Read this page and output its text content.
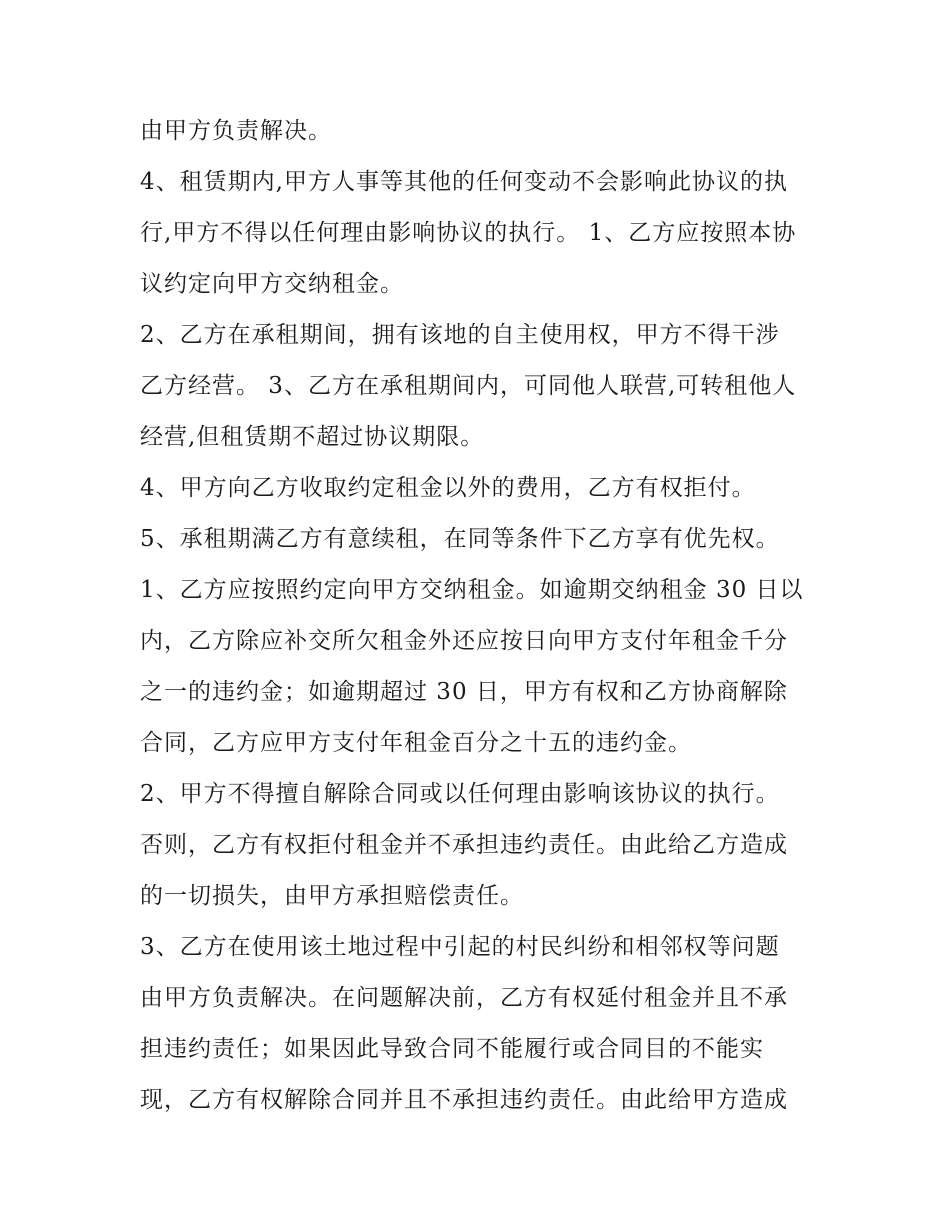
由甲方负责解决。
4、租赁期内,甲方人事等其他的任何变动不会影响此协议的执
行,甲方不得以任何理由影响协议的执行。 1、乙方应按照本协
议约定向甲方交纳租金。
2、乙方在承租期间，拥有该地的自主使用权，甲方不得干涉
乙方经营。 3、乙方在承租期间内，可同他人联营,可转租他人
经营,但租赁期不超过协议期限。
4、甲方向乙方收取约定租金以外的费用，乙方有权拒付。
5、承租期满乙方有意续租，在同等条件下乙方享有优先权。
1、乙方应按照约定向甲方交纳租金。如逾期交纳租金 30 日以
内，乙方除应补交所欠租金外还应按日向甲方支付年租金千分
之一的违约金；如逾期超过 30 日，甲方有权和乙方协商解除
合同，乙方应甲方支付年租金百分之十五的违约金。
2、甲方不得擅自解除合同或以任何理由影响该协议的执行。
否则，乙方有权拒付租金并不承担违约责任。由此给乙方造成
的一切损失，由甲方承担赔偿责任。
3、乙方在使用该土地过程中引起的村民纠纷和相邻权等问题
由甲方负责解决。在问题解决前，乙方有权延付租金并且不承
担违约责任；如果因此导致合同不能履行或合同目的不能实
现，乙方有权解除合同并且不承担违约责任。由此给甲方造成
